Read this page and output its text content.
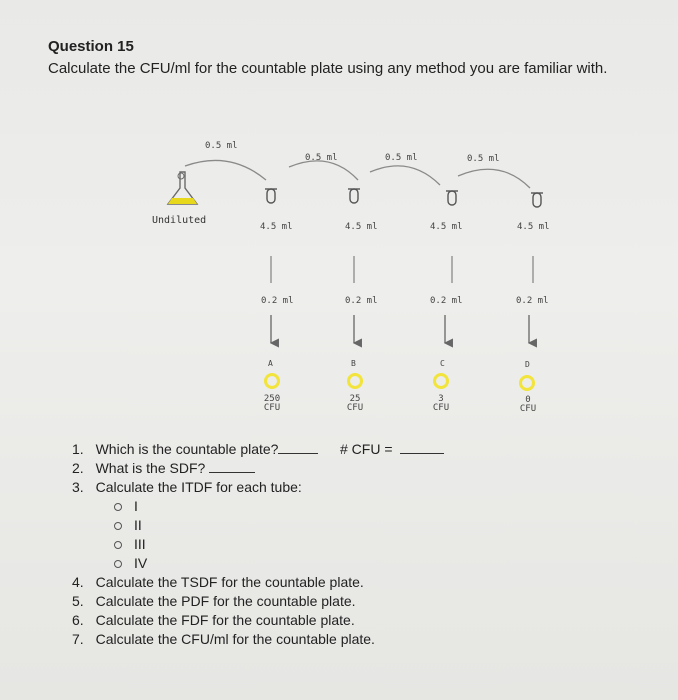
Question 15
Calculate the CFU/ml for the countable plate using any method you are familiar with.
Undiluted
0.5 ml
0.5 ml
4.5 ml
0.2 ml
A
250
CFU
0.5 ml
4.5 ml
0.2 ml
B
25
CFU
0.5 ml
4.5 ml
0.2 ml
C
3
CFU
4.5 ml
0.2 ml
D
0
CFU
1. Which is the countable plate?	# CFU =
2. What is the SDF?
3. Calculate the ITDF for each tube:
I
II
III
IV
4. Calculate the TSDF for the countable plate.
5. Calculate the PDF for the countable plate.
6. Calculate the FDF for the countable plate.
7. Calculate the CFU/ml for the countable plate.
